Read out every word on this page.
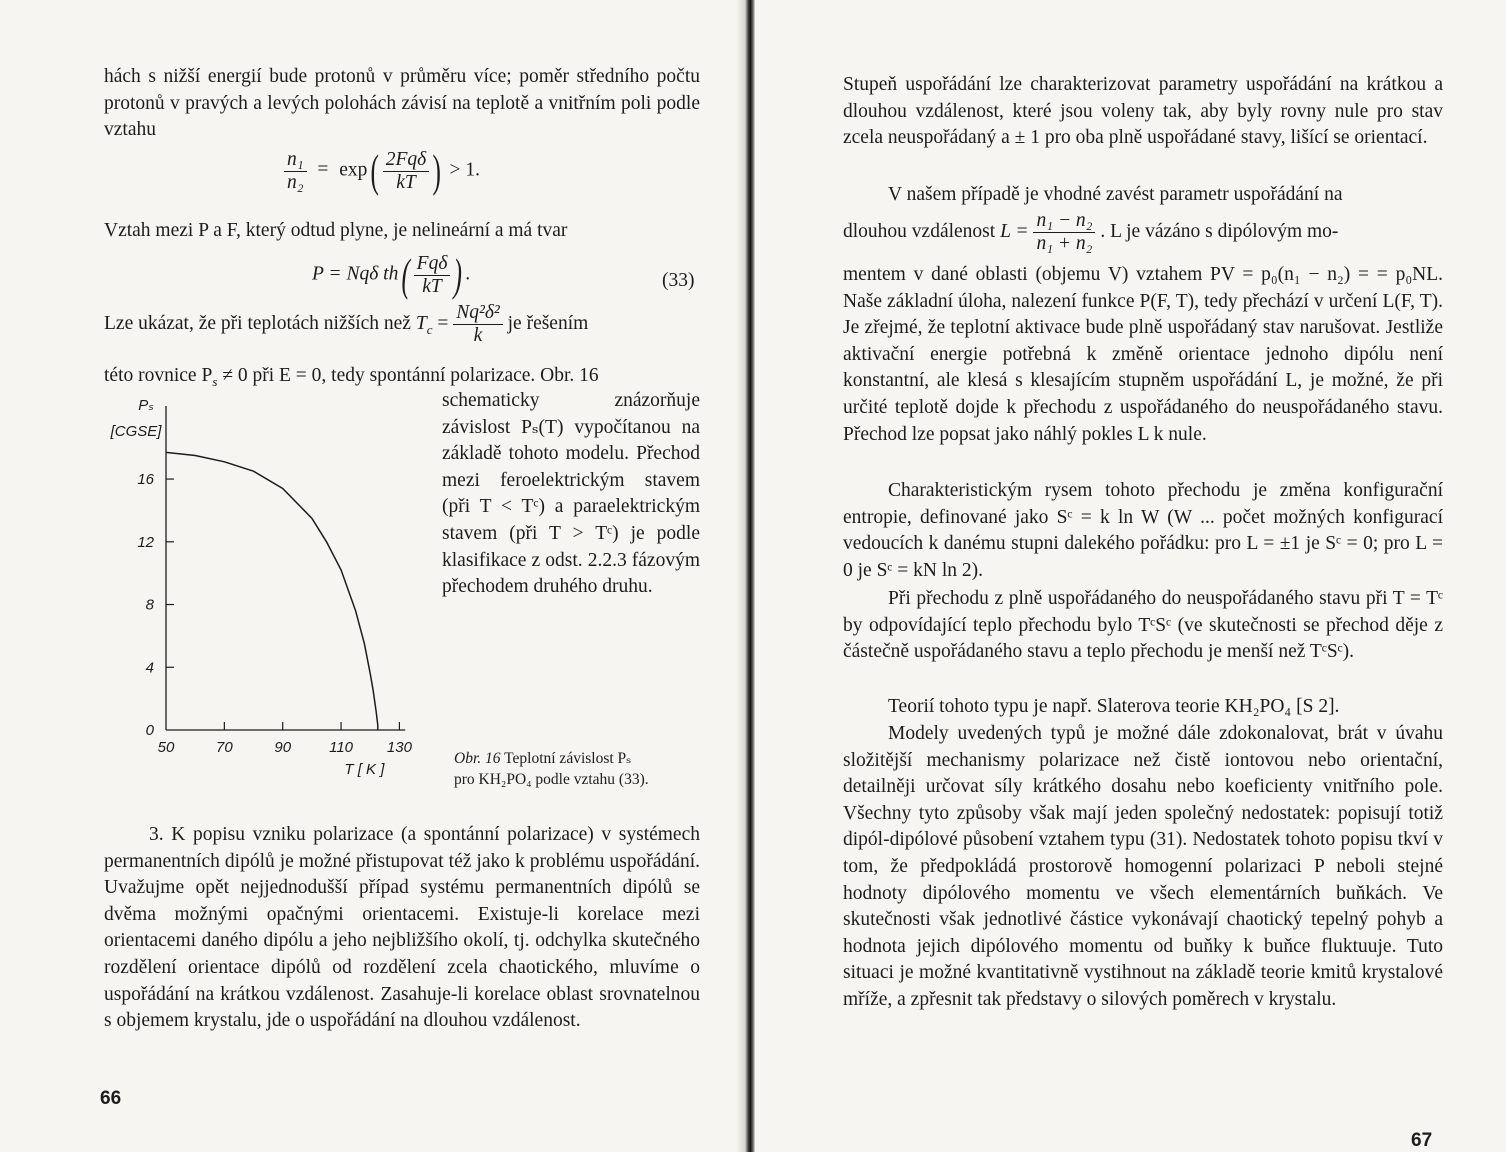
hách s nižší energií bude protonů v průměru více; poměr středního počtu protonů v pravých a levých polohách závisí na teplotě a vnitřním poli podle vztahu

$\frac{\text{n₁}}{\text{n₂}} = \exp( \frac{\text{2Fqδ}}{kT}$ ) > 1.

Vztah mezi P a F, který odtud plyne, je nelineární a má tvar

P = Nqδ $th( \frac{\text{Fqδ}}{kT}$ ) .	(33)
Lze ukázat, že při teplotách nižších než $T_c = \frac{\text{Nq²δ²}}{k}$ je řešením

této rovnice $P_s \ne 0$ při E = 0, tedy spontánní polarizace. Obr. 16

0
4
8
12
16
50	70	90	110 130
Pₛ
[CGSE]
T [ K ]

schematicky znázorňuje závislost Pₛ(T) vypočítanou na základě tohoto modelu. Přechod mezi feroelektrickým stavem (při T < Tᶜ) a paraelektrickým stavem (při T > Tᶜ) je podle klasifikace z odst. 2.2.3 fázovým přechodem druhého druhu.

Obr. 16 Teplotní závislost Pₛ
pro KH₂PO₄ podle vztahu (33).

3. K popisu vzniku polarizace (a spontánní polarizace) v systémech permanentních dipólů je možné přistupovat též jako k problému uspořádání. Uvažujme opět nejjednodušší případ systému permanentních dipólů se dvěma možnými opačnými orientacemi. Existuje-li korelace mezi orientacemi daného dipólu a jeho nejbližšího okolí, tj. odchylka skutečného rozdělení orientace dipólů od rozdělení zcela chaotického, mluvíme o uspořádání na krátkou vzdálenost. Zasahuje-li korelace oblast srovnatelnou s objemem krystalu, jde o uspořádání na dlouhou vzdálenost.

66

Stupeň uspořádání lze charakterizovat parametry uspořádání na krátkou a dlouhou vzdálenost, které jsou voleny tak, aby byly rovny nule pro stav zcela neuspořádaný a ± 1 pro oba plně uspořádané stavy, lišící se orientací.

V našem případě je vhodné zavést parametr uspořádání na

dlouhou vzdálenost $L = \frac{\text{n₁ − n₂}}{\text{n₁ + n₂}}$ . L je vázáno s dipólovým mo-

mentem v dané oblasti (objemu V) vztahem PV = p₀(n₁ − n₂) = = p₀NL. Naše základní úloha, nalezení funkce P(F, T), tedy přechází v určení L(F, T). Je zřejmé, že teplotní aktivace bude plně uspořádaný stav narušovat. Jestliže aktivační energie potřebná k změně orientace jednoho dipólu není konstantní, ale klesá s klesajícím stupněm uspořádání L, je možné, že při určité teplotě dojde k přechodu z uspořádaného do neuspořádaného stavu. Přechod lze popsat jako náhlý pokles L k nule.

Charakteristickým rysem tohoto přechodu je změna konfigurační entropie, definované jako Sᶜ = k ln W (W ... počet možných konfigurací vedoucích k danému stupni dalekého pořádku: pro L = ±1 je Sᶜ = 0; pro L = 0 je Sᶜ = kN ln 2).

Při přechodu z plně uspořádaného do neuspořádaného stavu při T = Tᶜ by odpovídající teplo přechodu bylo TᶜSᶜ (ve skutečnosti se přechod děje z částečně uspořádaného stavu a teplo přechodu je menší než TᶜSᶜ).

Teorií tohoto typu je např. Slaterova teorie KH₂PO₄ [S 2].

Modely uvedených typů je možné dále zdokonalovat, brát v úvahu složitější mechanismy polarizace než čistě iontovou nebo orientační, detailněji určovat síly krátkého dosahu nebo koeficienty vnitřního pole. Všechny tyto způsoby však mají jeden společný nedostatek: popisují totiž dipól-dipólové působení vztahem typu (31). Nedostatek tohoto popisu tkví v tom, že předpokládá prostorově homogenní polarizaci P neboli stejné hodnoty dipólového momentu ve všech elementárních buňkách. Ve skutečnosti však jednotlivé částice vykonávají chaotický tepelný pohyb a hodnota jejich dipólového momentu od buňky k buňce fluktuuje. Tuto situaci je možné kvantitativně vystihnout na základě teorie kmitů krystalové mříže, a zpřesnit tak představy o silových poměrech v krystalu.

67
